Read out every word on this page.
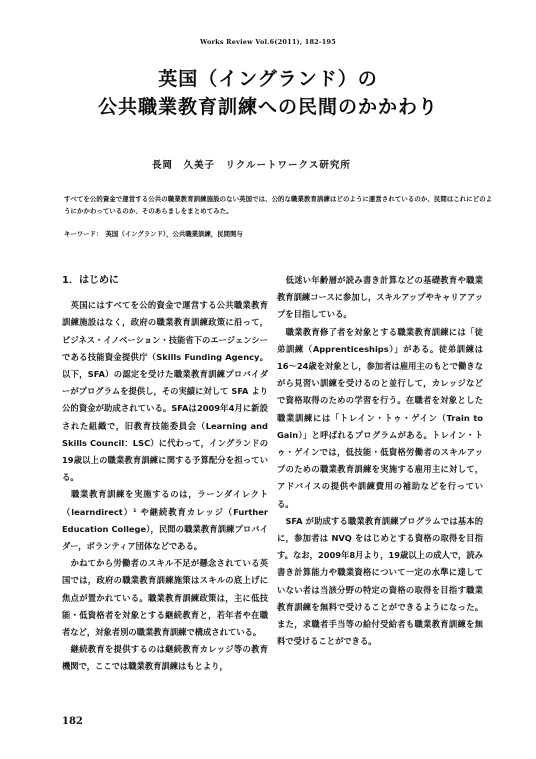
Works Review Vol.6(2011), 182-195
英国（イングランド）の
公共職業教育訓練への民間のかかわり
長岡　久美子　リクルートワークス研究所
すべてを公的資金で運営する公共の職業教育訓練施設のない英国では、公的な職業教育訓練はどのように運営されているのか、民間はこれにどのようにかかわっているのか、そのあらましをまとめてみた。
キーワード：　英国（イングランド），公共職業訓練，民間関与

1．はじめに

　英国にはすべてを公的資金で運営する公共職業教育訓練施設はなく，政府の職業教育訓練政策に沿って，ビジネス・イノベーション・技能省下のエージェンシーである技能資金提供庁（Skills Funding Agency。以下，SFA）の認定を受けた職業教育訓練プロバイダーがプログラムを提供し，その実績に対して SFA より公的資金が助成されている。SFAは2009年4月に新設された組織で，旧教育技能委員会（Learning and Skills Council：LSC）に代わって，イングランドの19歳以上の職業教育訓練に関する予算配分を担っている。

　職業教育訓練を実施するのは，ラーンダイレクト（learndirect）¹ や継続教育カレッジ（Further Education College），民間の職業教育訓練プロバイダー，ボランティア団体などである。

　かねてから労働者のスキル不足が懸念されている英国では，政府の職業教育訓練施策はスキルの底上げに焦点が置かれている。職業教育訓練政策は，主に低技能・低資格者を対象とする継続教育と，若年者や在職者など，対象者別の職業教育訓練で構成されている。

　継続教育を提供するのは継続教育カレッジ等の教育機関で，ここでは職業教育訓練はもとより，

　低迷い年齢層が読み書き計算などの基礎教育や職業教育訓練コースに参加し，スキルアップやキャリアアップを目指している。

　職業教育修了者を対象とする職業教育訓練には「徒弟訓練（Apprenticeships）」がある。徒弟訓練は16〜24歳を対象とし，参加者は雇用主のもとで働きながら見習い訓練を受けるのと並行して，カレッジなどで資格取得のための学習を行う。在職者を対象とした職業訓練には「トレイン・トゥ・ゲイン（Train to Gain）」と呼ばれるプログラムがある。トレイン・トゥ・ゲインでは，低技能・低資格労働者のスキルアップのための職業教育訓練を実施する雇用主に対して，アドバイスの提供や訓練費用の補助などを行っている。

　SFA が助成する職業教育訓練プログラムでは基本的に，参加者は NVQ をはじめとする資格の取得を目指す。なお，2009年8月より，19歳以上の成人で，読み書き計算能力や職業資格について一定の水準に達していない者は当該分野の特定の資格の取得を目指す職業教育訓練を無料で受けることができるようになった。また，求職者手当等の給付受給者も職業教育訓練を無料で受けることができる。

182
